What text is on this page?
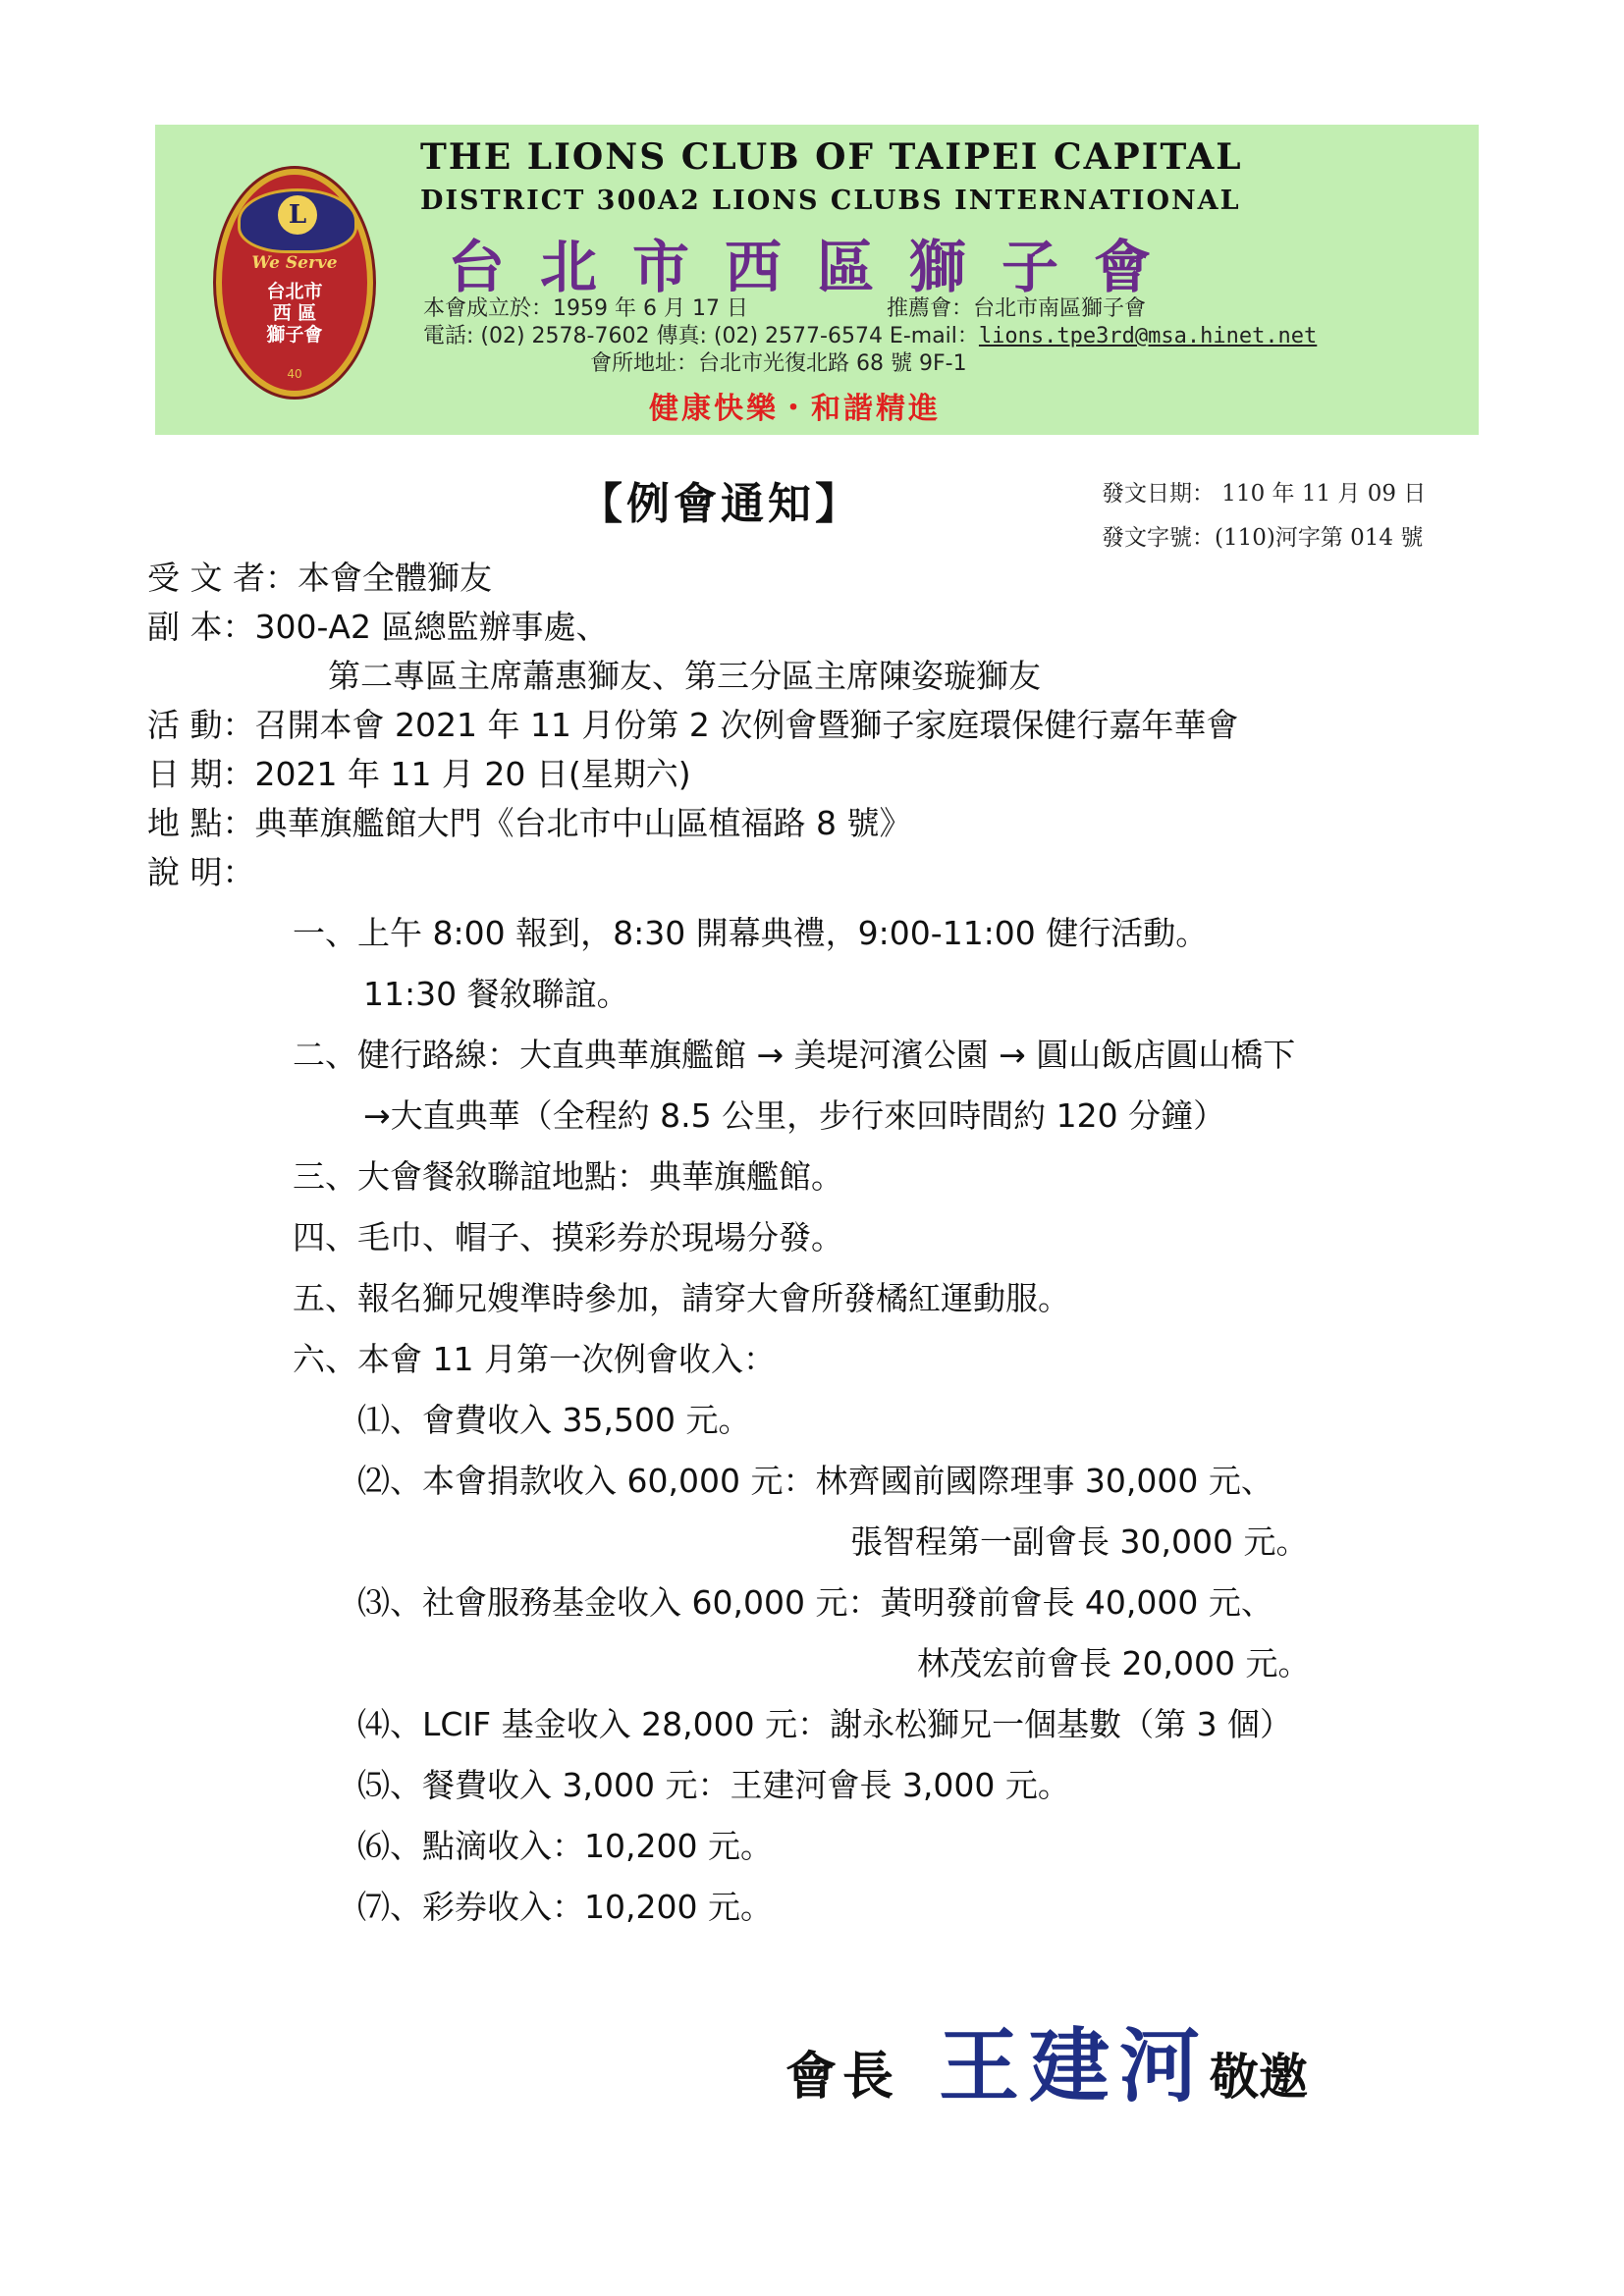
L
We Serve
台北市
西 區
獅子會
40
THE LIONS CLUB OF TAIPEI CAPITAL
DISTRICT 300A2 LIONS CLUBS INTERNATIONAL
台北市西區獅子會
本會成立於：1959 年 6 月 17 日	推薦會：台北市南區獅子會
電話: (02) 2578-7602 傳真: (02) 2577-6574 E-mail：lions.tpe3rd@msa.hinet.net
會所地址：台北市光復北路 68 號 9F-1
健康快樂・和諧精進
【例會通知】	發文日期： 110 年 11 月 09 日
發文字號：(110)河字第 014 號
受 文 者：本會全體獅友
副 本：300-A2 區總監辦事處、
第二專區主席蕭惠獅友、第三分區主席陳姿璇獅友
活 動：召開本會 2021 年 11 月份第 2 次例會暨獅子家庭環保健行嘉年華會
日 期：2021 年 11 月 20 日(星期六)
地 點：典華旗艦館大門《台北市中山區植福路 8 號》
說 明：
一、上午 8:00 報到，8:30 開幕典禮，9:00-11:00 健行活動。
11:30 餐敘聯誼。
二、健行路線：大直典華旗艦館 → 美堤河濱公園 → 圓山飯店圓山橋下
→大直典華（全程約 8.5 公里，步行來回時間約 120 分鐘）
三、大會餐敘聯誼地點：典華旗艦館。
四、毛巾、帽子、摸彩券於現場分發。
五、報名獅兄嫂準時參加，請穿大會所發橘紅運動服。
六、本會 11 月第一次例會收入：
⑴、會費收入 35,500 元。
⑵、本會捐款收入 60,000 元：林齊國前國際理事 30,000 元、
張智程第一副會長 30,000 元。
⑶、社會服務基金收入 60,000 元：黃明發前會長 40,000 元、
林茂宏前會長 20,000 元。
⑷、LCIF 基金收入 28,000 元：謝永松獅兄一個基數（第 3 個）
⑸、餐費收入 3,000 元：王建河會長 3,000 元。
⑹、點滴收入：10,200 元。
⑺、彩券收入：10,200 元。
會長 王建河敬邀
